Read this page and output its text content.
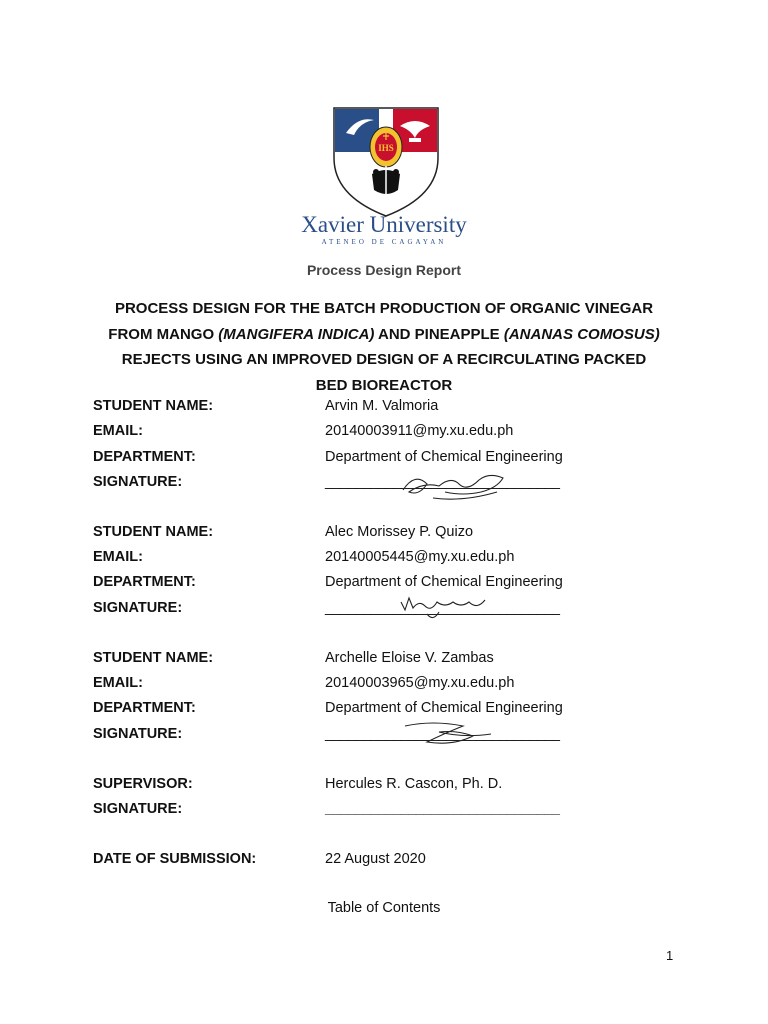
IHS
Xavier University
ATENEO DE CAGAYAN
Process Design Report
PROCESS DESIGN FOR THE BATCH PRODUCTION OF ORGANIC VINEGAR
FROM MANGO (MANGIFERA INDICA) AND PINEAPPLE (ANANAS COMOSUS)
REJECTS USING AN IMPROVED DESIGN OF A RECIRCULATING PACKED
BED BIOREACTOR
STUDENT NAME:	Arvin M. Valmoria
EMAIL:	20140003911@my.xu.edu.ph
DEPARTMENT:	Department of Chemical Engineering
SIGNATURE:	_______________________________
STUDENT NAME:	Alec Morissey P. Quizo
EMAIL:	20140005445@my.xu.edu.ph
DEPARTMENT:	Department of Chemical Engineering
SIGNATURE:	_______________________________
STUDENT NAME:	Archelle Eloise V. Zambas
EMAIL:	20140003965@my.xu.edu.ph
DEPARTMENT:	Department of Chemical Engineering
SIGNATURE:	_______________________________
SUPERVISOR:	Hercules R. Cascon, Ph. D.
SIGNATURE:	_______________________________
DATE OF SUBMISSION:	22 August 2020
Table of Contents
1
